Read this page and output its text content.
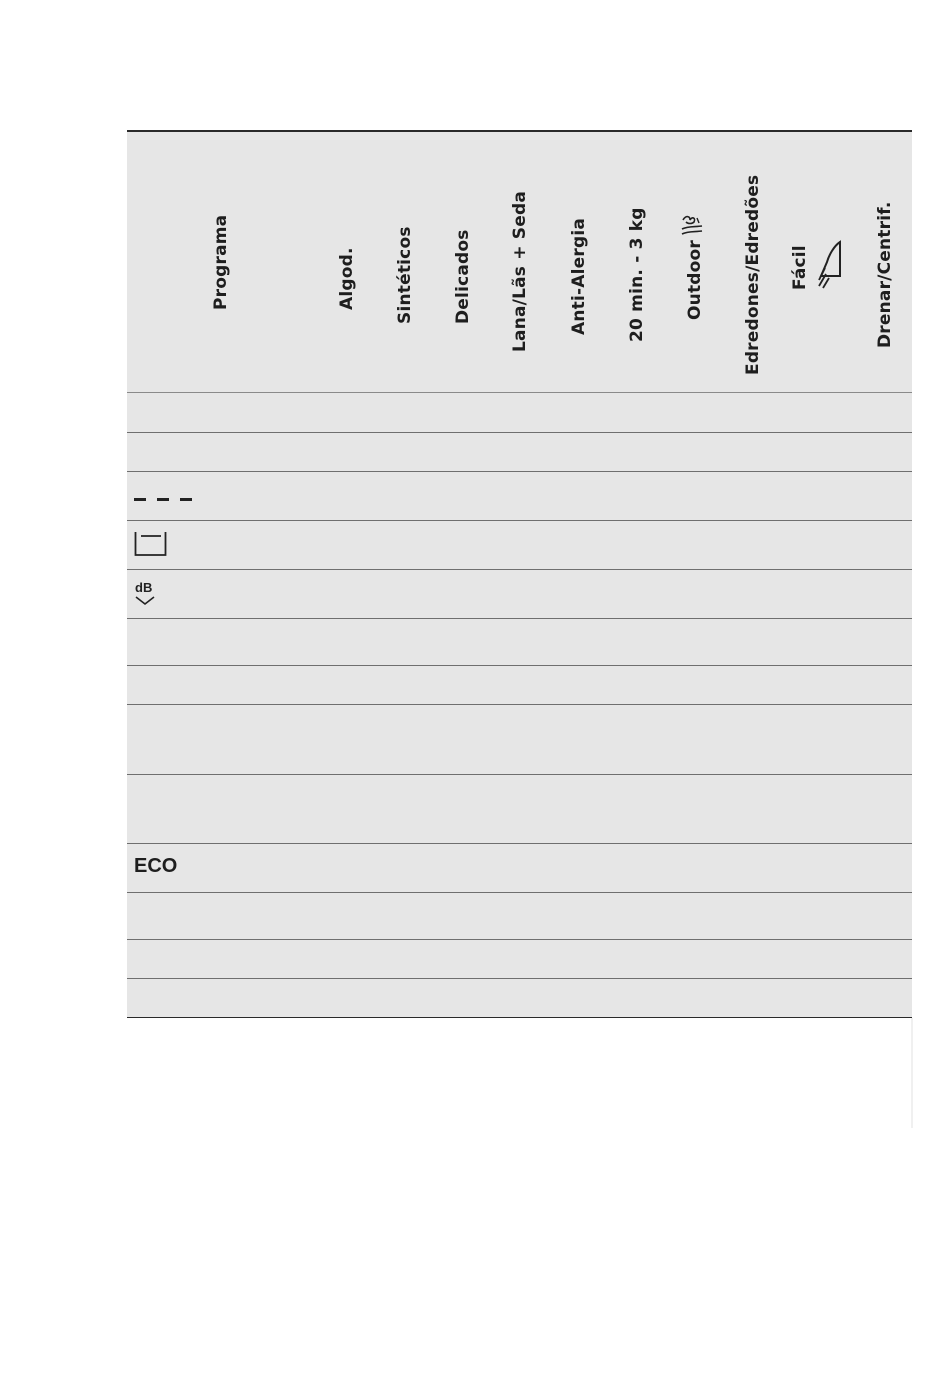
Programa	Algod. Sintéticos Delicados Lana/Lãs + Seda Anti-Alergia 20 min. - 3 kg Outdoor Edredones/Edredões Fácil	Drenar/Centrif.
dB
ECO
